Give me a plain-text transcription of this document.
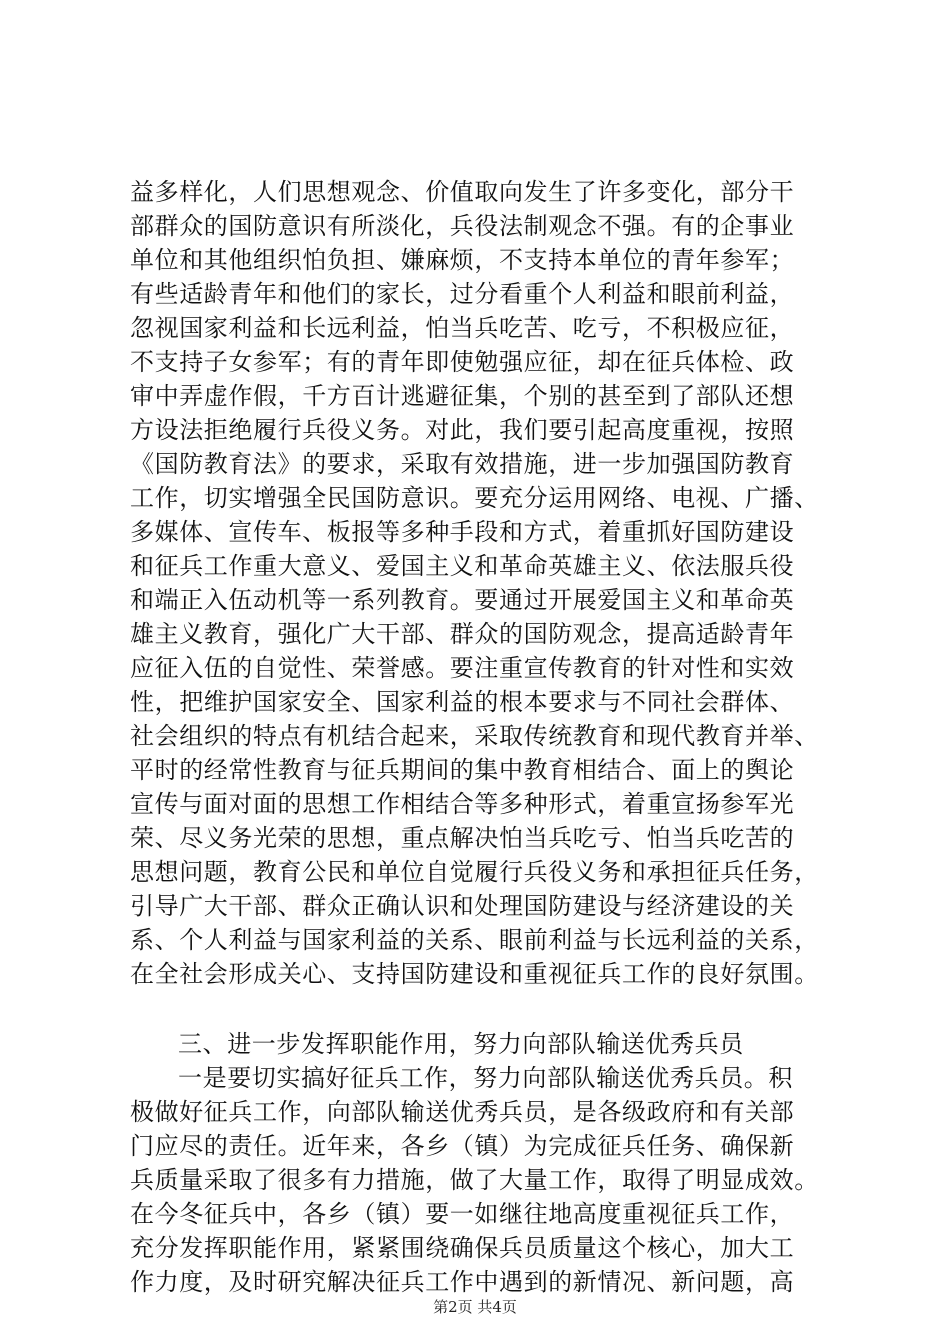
益多样化，人们思想观念、价值取向发生了许多变化，部分干
部群众的国防意识有所淡化，兵役法制观念不强。有的企事业
单位和其他组织怕负担、嫌麻烦，不支持本单位的青年参军；
有些适龄青年和他们的家长，过分看重个人利益和眼前利益，
忽视国家利益和长远利益，怕当兵吃苦、吃亏，不积极应征，
不支持子女参军；有的青年即使勉强应征，却在征兵体检、政
审中弄虚作假，千方百计逃避征集，个别的甚至到了部队还想
方设法拒绝履行兵役义务。对此，我们要引起高度重视，按照
《国防教育法》的要求，采取有效措施，进一步加强国防教育
工作，切实增强全民国防意识。要充分运用网络、电视、广播、
多媒体、宣传车、板报等多种手段和方式，着重抓好国防建设
和征兵工作重大意义、爱国主义和革命英雄主义、依法服兵役
和端正入伍动机等一系列教育。要通过开展爱国主义和革命英
雄主义教育，强化广大干部、群众的国防观念，提高适龄青年
应征入伍的自觉性、荣誉感。要注重宣传教育的针对性和实效
性，把维护国家安全、国家利益的根本要求与不同社会群体、
社会组织的特点有机结合起来，采取传统教育和现代教育并举、
平时的经常性教育与征兵期间的集中教育相结合、面上的舆论
宣传与面对面的思想工作相结合等多种形式，着重宣扬参军光
荣、尽义务光荣的思想，重点解决怕当兵吃亏、怕当兵吃苦的
思想问题，教育公民和单位自觉履行兵役义务和承担征兵任务，
引导广大干部、群众正确认识和处理国防建设与经济建设的关
系、个人利益与国家利益的关系、眼前利益与长远利益的关系，
在全社会形成关心、支持国防建设和重视征兵工作的良好氛围。
三、进一步发挥职能作用，努力向部队输送优秀兵员
一是要切实搞好征兵工作，努力向部队输送优秀兵员。积
极做好征兵工作，向部队输送优秀兵员，是各级政府和有关部
门应尽的责任。近年来，各乡（镇）为完成征兵任务、确保新
兵质量采取了很多有力措施，做了大量工作，取得了明显成效。
在今冬征兵中，各乡（镇）要一如继往地高度重视征兵工作，
充分发挥职能作用，紧紧围绕确保兵员质量这个核心，加大工
作力度，及时研究解决征兵工作中遇到的新情况、新问题，高
第2页 共4页
